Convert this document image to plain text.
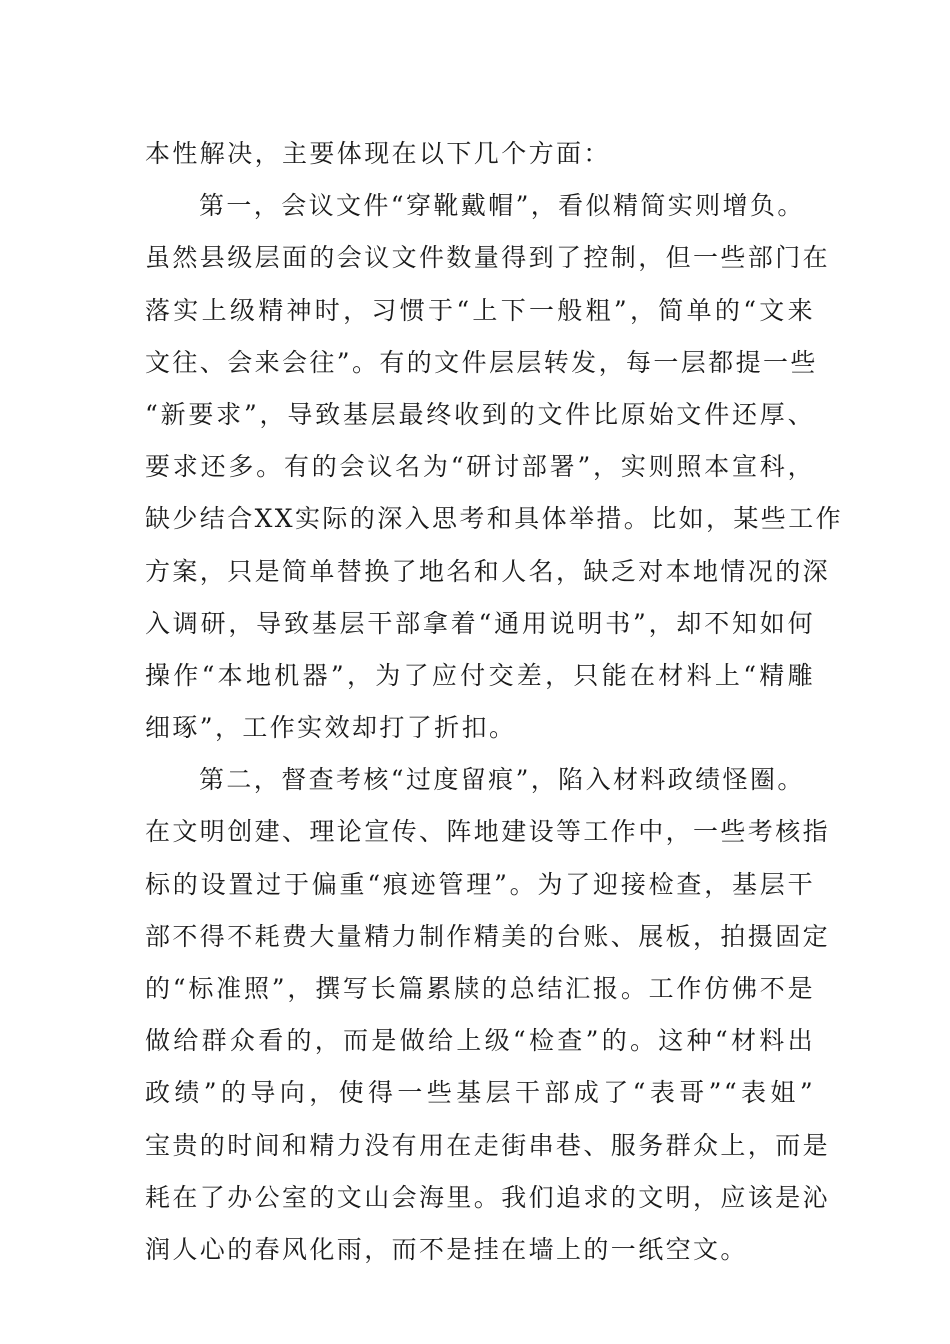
本性解决，主要体现在以下几个方面：
第一，会议文件“穿靴戴帽”，看似精简实则增负。
虽然县级层面的会议文件数量得到了控制，但一些部门在
落实上级精神时，习惯于“上下一般粗”，简单的“文来
文往、会来会往”。有的文件层层转发，每一层都提一些
“新要求”，导致基层最终收到的文件比原始文件还厚、
要求还多。有的会议名为“研讨部署”，实则照本宣科，
缺少结合XX实际的深入思考和具体举措。比如，某些工作
方案，只是简单替换了地名和人名，缺乏对本地情况的深
入调研，导致基层干部拿着“通用说明书”，却不知如何
操作“本地机器”，为了应付交差，只能在材料上“精雕
细琢”，工作实效却打了折扣。
第二，督查考核“过度留痕”，陷入材料政绩怪圈。
在文明创建、理论宣传、阵地建设等工作中，一些考核指
标的设置过于偏重“痕迹管理”。为了迎接检查，基层干
部不得不耗费大量精力制作精美的台账、展板，拍摄固定
的“标准照”，撰写长篇累牍的总结汇报。工作仿佛不是
做给群众看的，而是做给上级“检查”的。这种“材料出
政绩”的导向，使得一些基层干部成了“表哥”“表姐”
宝贵的时间和精力没有用在走街串巷、服务群众上，而是
耗在了办公室的文山会海里。我们追求的文明，应该是沁
润人心的春风化雨，而不是挂在墙上的一纸空文。
